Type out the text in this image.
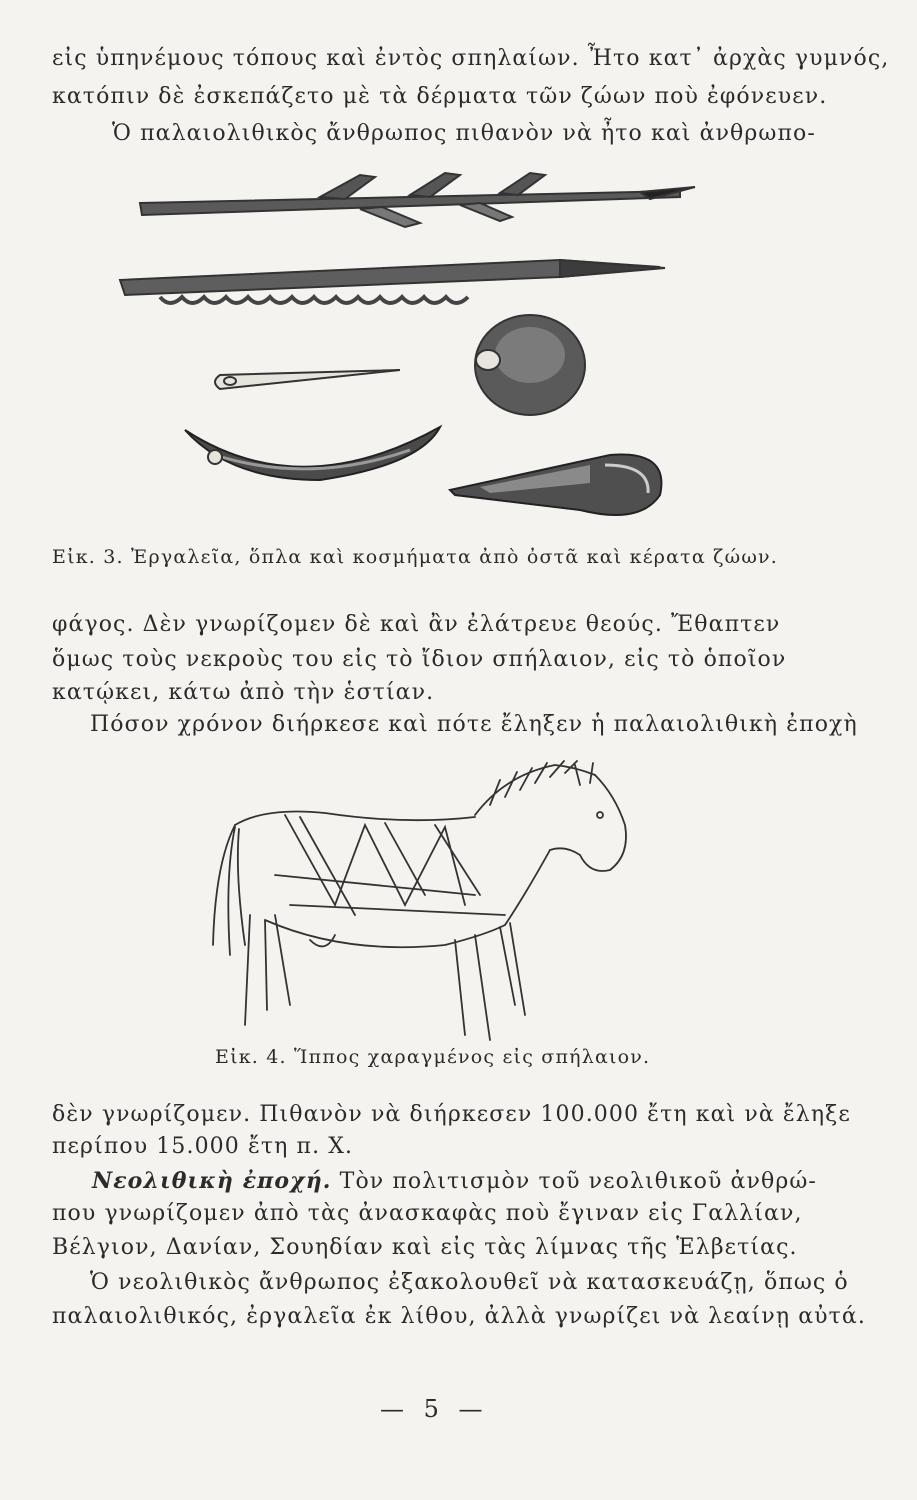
εἰς ὑπηνέμους τόπους καὶ ἐντὸς σπηλαίων. Ἦτο κατ᾽ ἀρχὰς γυμνός,
κατόπιν δὲ ἐσκεπάζετο μὲ τὰ δέρματα τῶν ζώων ποὺ ἐφόνευεν.
Ὁ παλαιολιθικὸς ἄνθρωπος πιθανὸν νὰ ἦτο καὶ ἀνθρωπο-
Εἰκ. 3. Ἐργαλεῖα, ὅπλα καὶ κοσμήματα ἀπὸ ὀστᾶ καὶ κέρατα ζώων.
φάγος. Δὲν γνωρίζομεν δὲ καὶ ἂν ἐλάτρευε θεούς. Ἔθαπτεν
ὅμως τοὺς νεκροὺς του εἰς τὸ ἴδιον σπήλαιον, εἰς τὸ ὁποῖον
κατῴκει, κάτω ἀπὸ τὴν ἑστίαν.
Πόσον χρόνον διήρκεσε καὶ πότε ἔληξεν ἡ παλαιολιθικὴ ἐποχὴ
Εἰκ. 4. Ἵππος χαραγμένος εἰς σπήλαιον.
δὲν γνωρίζομεν. Πιθανὸν νὰ διήρκεσεν 100.000 ἔτη καὶ νὰ ἔληξε
περίπου 15.000 ἔτη π. Χ.
Νεολιθικὴ ἐποχή. Τὸν πολιτισμὸν τοῦ νεολιθικοῦ ἀνθρώ-
που γνωρίζομεν ἀπὸ τὰς ἀνασκαφὰς ποὺ ἔγιναν εἰς Γαλλίαν,
Βέλγιον, Δανίαν, Σουηδίαν καὶ εἰς τὰς λίμνας τῆς Ἑλβετίας.
Ὁ νεολιθικὸς ἄνθρωπος ἐξακολουθεῖ νὰ κατασκευάζῃ, ὅπως ὁ
παλαιολιθικός, ἐργαλεῖα ἐκ λίθου, ἀλλὰ γνωρίζει νὰ λεαίνῃ αὐτά.
— 5 —
